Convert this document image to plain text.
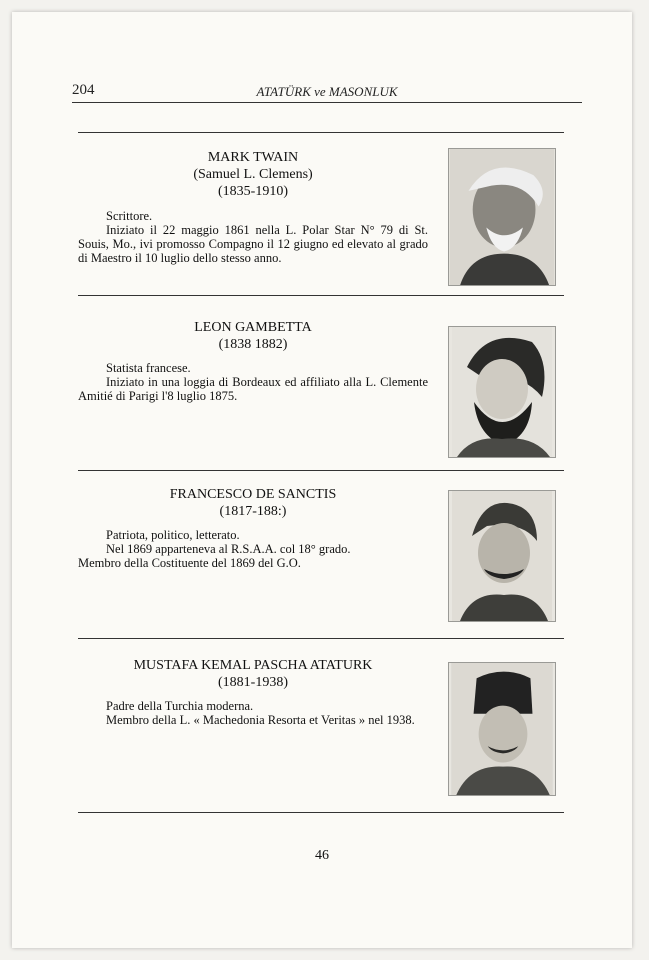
204	ATATÜRK ve MASONLUK
MARK TWAIN
(Samuel L. Clemens)
(1835-1910)
Scrittore.
Iniziato il 22 maggio 1861 nella L. Polar Star N° 79 di St. Souis, Mo., ivi promosso Compagno il 12 giugno ed elevato al grado di Maestro il 10 luglio dello stesso anno.
LEON GAMBETTA
(1838 1882)
Statista francese.
Iniziato in una loggia di Bordeaux ed affiliato alla L. Clemente Amitié di Parigi l'8 luglio 1875.
FRANCESCO DE SANCTIS
(1817-188:)
Patriota, politico, letterato.
Nel 1869 apparteneva al R.S.A.A. col 18° grado.
Membro della Costituente del 1869 del G.O.
MUSTAFA KEMAL PASCHA ATATURK
(1881-1938)
Padre della Turchia moderna.
Membro della L. « Machedonia Resorta et Veritas » nel 1938.
46
